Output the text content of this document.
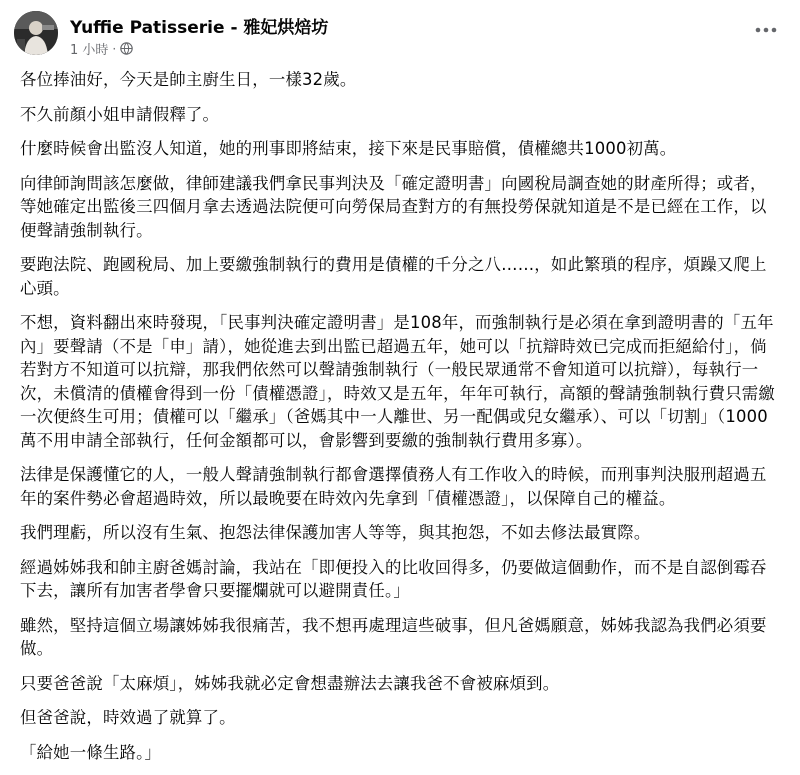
Yuffie Patisserie - 雅妃烘焙坊
1 小時 ·

各位捧油好，今天是帥主廚生日，一樣32歲。

不久前顏小姐申請假釋了。

什麼時候會出監沒人知道，她的刑事即將結束，接下來是民事賠償，債權總共1000初萬。

向律師詢問該怎麼做，律師建議我們拿民事判決及「確定證明書」向國稅局調查她的財產所得；或者，等她確定出監後三四個月拿去透過法院便可向勞保局查對方的有無投勞保就知道是不是已經在工作，以便聲請強制執行。

要跑法院、跑國稅局、加上要繳強制執行的費用是債權的千分之八……，如此繁瑣的程序，煩躁又爬上心頭。

不想，資料翻出來時發現，「民事判決確定證明書」是108年，而強制執行是必須在拿到證明書的「五年內」要聲請（不是「申」請），她從進去到出監已超過五年，她可以「抗辯時效已完成而拒絕給付」，倘若對方不知道可以抗辯，那我們依然可以聲請強制執行（一般民眾通常不會知道可以抗辯），每執行一次，未償清的債權會得到一份「債權憑證」，時效又是五年，年年可執行，高額的聲請強制執行費只需繳一次便終生可用；債權可以「繼承」（爸媽其中一人離世、另一配偶或兒女繼承）、可以「切割」（1000萬不用申請全部執行，任何金額都可以，會影響到要繳的強制執行費用多寡）。

法律是保護懂它的人，一般人聲請強制執行都會選擇債務人有工作收入的時候，而刑事判決服刑超過五年的案件勢必會超過時效，所以最晚要在時效內先拿到「債權憑證」，以保障自己的權益。

我們理虧，所以沒有生氣、抱怨法律保護加害人等等，與其抱怨，不如去修法最實際。

經過姊姊我和帥主廚爸媽討論，我站在「即便投入的比收回得多，仍要做這個動作，而不是自認倒霉吞下去，讓所有加害者學會只要擺爛就可以避開責任。」

雖然，堅持這個立場讓姊姊我很痛苦，我不想再處理這些破事，但凡爸媽願意，姊姊我認為我們必須要做。

只要爸爸說「太麻煩」，姊姊我就必定會想盡辦法去讓我爸不會被麻煩到。

但爸爸說，時效過了就算了。

「給她一條生路。」
